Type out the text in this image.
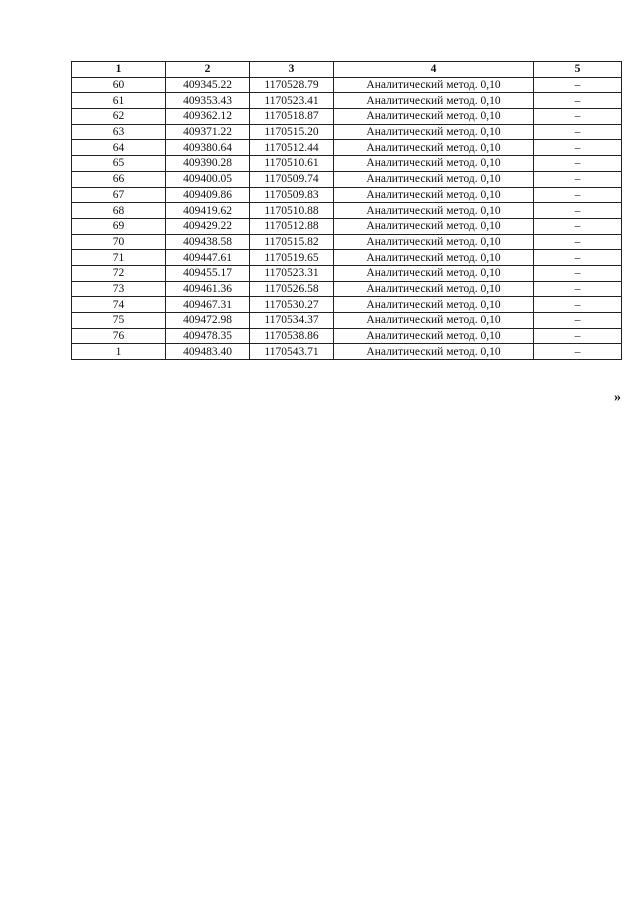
1	2	3	4	5
60	409345.22	1170528.79	Аналитический метод. 0,10	–
61	409353.43	1170523.41	Аналитический метод. 0,10	–
62	409362.12	1170518.87	Аналитический метод. 0,10	–
63	409371.22	1170515.20	Аналитический метод. 0,10	–
64	409380.64	1170512.44	Аналитический метод. 0,10	–
65	409390.28	1170510.61	Аналитический метод. 0,10	–
66	409400.05	1170509.74	Аналитический метод. 0,10	–
67	409409.86	1170509.83	Аналитический метод. 0,10	–
68	409419.62	1170510.88	Аналитический метод. 0,10	–
69	409429.22	1170512.88	Аналитический метод. 0,10	–
70	409438.58	1170515.82	Аналитический метод. 0,10	–
71	409447.61	1170519.65	Аналитический метод. 0,10	–
72	409455.17	1170523.31	Аналитический метод. 0,10	–
73	409461.36	1170526.58	Аналитический метод. 0,10	–
74	409467.31	1170530.27	Аналитический метод. 0,10	–
75	409472.98	1170534.37	Аналитический метод. 0,10	–
76	409478.35	1170538.86	Аналитический метод. 0,10	–
1	409483.40	1170543.71	Аналитический метод. 0,10	–
»
